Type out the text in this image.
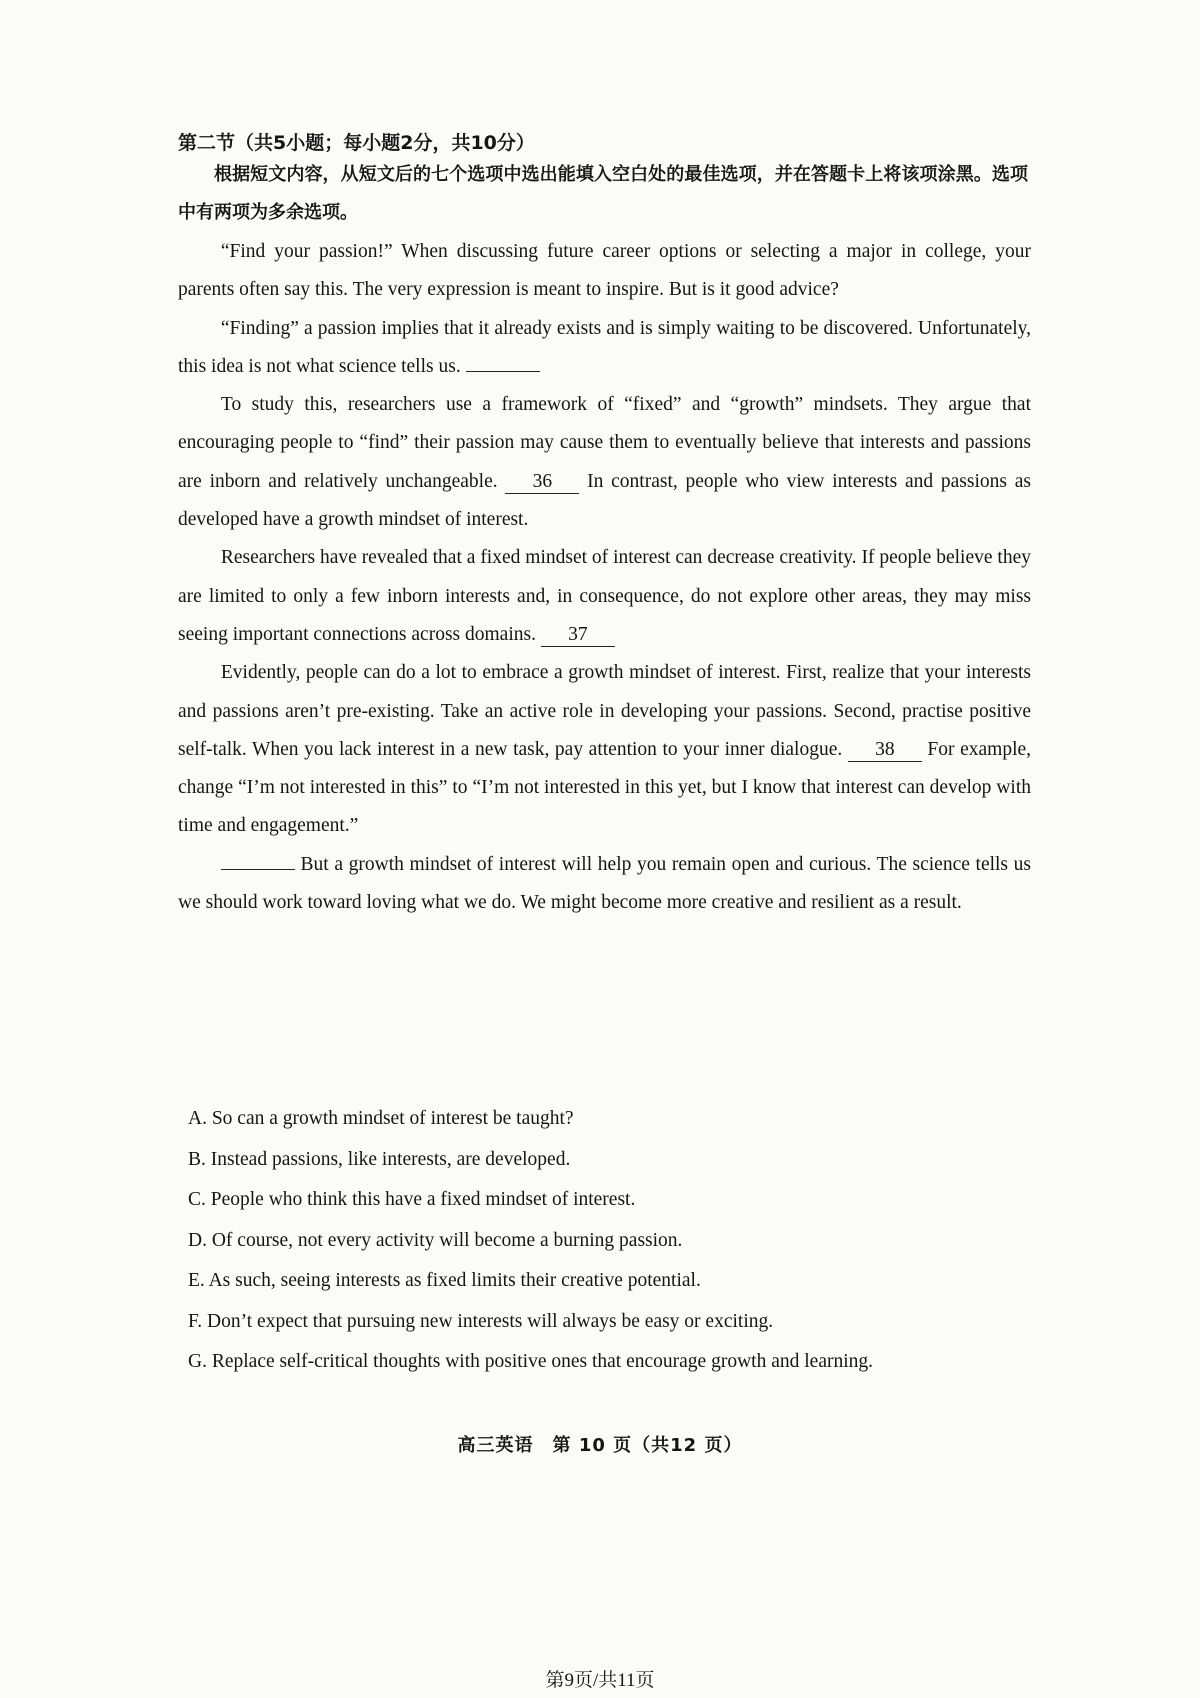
第二节（共5小题；每小题2分，共10分）
根据短文内容，从短文后的七个选项中选出能填入空白处的最佳选项，并在答题卡上将该项涂黑。选项中有两项为多余选项。

“Find your passion!” When discussing future career options or selecting a major in college, your parents often say this. The very expression is meant to inspire. But is it good advice?

“Finding” a passion implies that it already exists and is simply waiting to be discovered. Unfortunately, this idea is not what science tells us.

To study this, researchers use a framework of “fixed” and “growth” mindsets. They argue that encouraging people to “find” their passion may cause them to eventually believe that interests and passions are inborn and relatively unchangeable. 36 In contrast, people who view interests and passions as developed have a growth mindset of interest.

Researchers have revealed that a fixed mindset of interest can decrease creativity. If people believe they are limited to only a few inborn interests and, in consequence, do not explore other areas, they may miss seeing important connections across domains. 37

Evidently, people can do a lot to embrace a growth mindset of interest. First, realize that your interests and passions aren’t pre-existing. Take an active role in developing your passions. Second, practise positive self-talk. When you lack interest in a new task, pay attention to your inner dialogue. 38 For example, change “I’m not interested in this” to “I’m not interested in this yet, but I know that interest can develop with time and engagement.”

But a growth mindset of interest will help you remain open and curious. The science tells us we should work toward loving what we do. We might become more creative and resilient as a result.

A. So can a growth mindset of interest be taught?
B. Instead passions, like interests, are developed.
C. People who think this have a fixed mindset of interest.
D. Of course, not every activity will become a burning passion.
E. As such, seeing interests as fixed limits their creative potential.
F. Don’t expect that pursuing new interests will always be easy or exciting.
G. Replace self-critical thoughts with positive ones that encourage growth and learning.
高三英语　第 10 页（共12 页）
第9页/共11页
